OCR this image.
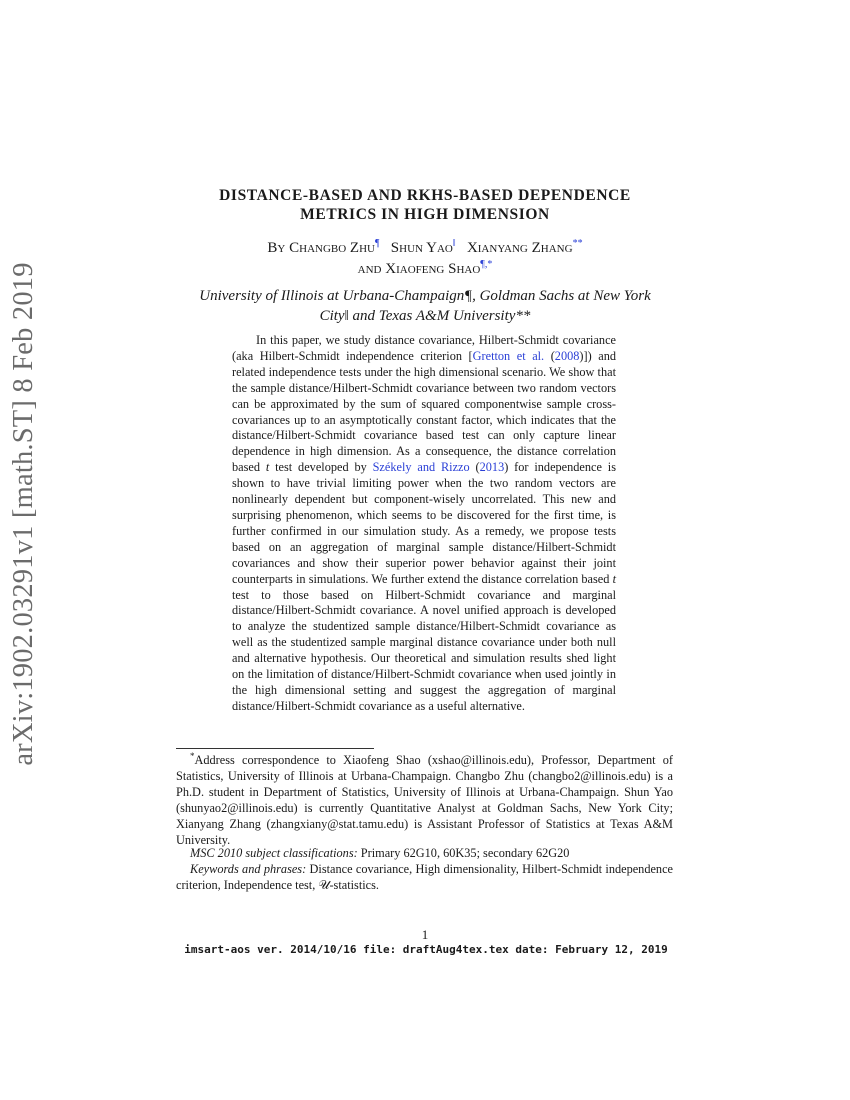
arXiv:1902.03291v1 [math.ST] 8 Feb 2019
DISTANCE-BASED AND RKHS-BASED DEPENDENCE
METRICS IN HIGH DIMENSION
By Changbo Zhu¶ Shun Yao‖ Xianyang Zhang**
and Xiaofeng Shao¶,*
University of Illinois at Urbana-Champaign¶, Goldman Sachs at New York
City‖ and Texas A&M University**

In this paper, we study distance covariance, Hilbert-Schmidt covariance (aka Hilbert-Schmidt independence criterion [Gretton et al. (2008)]) and related independence tests under the high dimensional scenario. We show that the sample distance/Hilbert-Schmidt covariance between two random vectors can be approximated by the sum of squared componentwise sample cross-covariances up to an asymptotically constant factor, which indicates that the distance/Hilbert-Schmidt covariance based test can only capture linear dependence in high dimension. As a consequence, the distance correlation based t test developed by Székely and Rizzo (2013) for independence is shown to have trivial limiting power when the two random vectors are nonlinearly dependent but component-wisely uncorrelated. This new and surprising phenomenon, which seems to be discovered for the first time, is further confirmed in our simulation study. As a remedy, we propose tests based on an aggregation of marginal sample distance/Hilbert-Schmidt covariances and show their superior power behavior against their joint counterparts in simulations. We further extend the distance correlation based t test to those based on Hilbert-Schmidt covariance and marginal distance/Hilbert-Schmidt covariance. A novel unified approach is developed to analyze the studentized sample distance/Hilbert-Schmidt covariance as well as the studentized sample marginal distance covariance under both null and alternative hypothesis. Our theoretical and simulation results shed light on the limitation of distance/Hilbert-Schmidt covariance when used jointly in the high dimensional setting and suggest the aggregation of marginal distance/Hilbert-Schmidt covariance as a useful alternative.

*Address correspondence to Xiaofeng Shao (xshao@illinois.edu), Professor, Department of Statistics, University of Illinois at Urbana-Champaign. Changbo Zhu (changbo2@illinois.edu) is a Ph.D. student in Department of Statistics, University of Illinois at Urbana-Champaign. Shun Yao (shunyao2@illinois.edu) is currently Quantitative Analyst at Goldman Sachs, New York City; Xianyang Zhang (zhangxiany@stat.tamu.edu) is Assistant Professor of Statistics at Texas A&M University.

MSC 2010 subject classifications: Primary 62G10, 60K35; secondary 62G20

Keywords and phrases: Distance covariance, High dimensionality, Hilbert-Schmidt independence criterion, Independence test, 𝒰-statistics.

1
imsart-aos ver. 2014/10/16 file: draftAug4tex.tex date: February 12, 2019
